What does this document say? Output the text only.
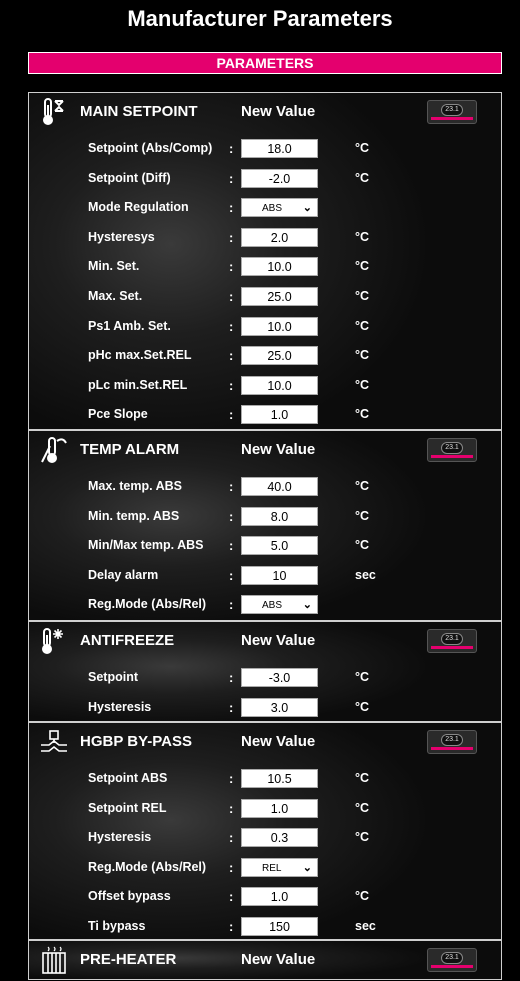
Manufacturer Parameters
PARAMETERS
MAIN SETPOINT	New Value	23.1
Setpoint (Abs/Comp) :	18.0	°C
Setpoint (Diff)	:	-2.0	°C
Mode Regulation	:	ABS ⌄
Hysteresys	:	2.0	°C
Min. Set.	:	10.0	°C
Max. Set.	:	25.0	°C
Ps1 Amb. Set.	:	10.0	°C
pHc max.Set.REL	:	25.0	°C
pLc min.Set.REL	:	10.0	°C
Pce Slope	:	1.0	°C
TEMP ALARM	New Value	23.1
Max. temp. ABS	:	40.0	°C
Min. temp. ABS	:	8.0	°C
Min/Max temp. ABS :	5.0	°C
Delay alarm	:	10	sec
Reg.Mode (Abs/Rel) :	ABS ⌄
ANTIFREEZE	New Value	23.1
Setpoint	:	-3.0	°C
Hysteresis	:	3.0	°C
HGBP BY-PASS	New Value	23.1
Setpoint ABS	:	10.5	°C
Setpoint REL	:	1.0	°C
Hysteresis	:	0.3	°C
Reg.Mode (Abs/Rel) :	REL ⌄
Offset bypass	:	1.0	°C
Ti bypass	:	150	sec
PRE-HEATER	New Value	23.1
